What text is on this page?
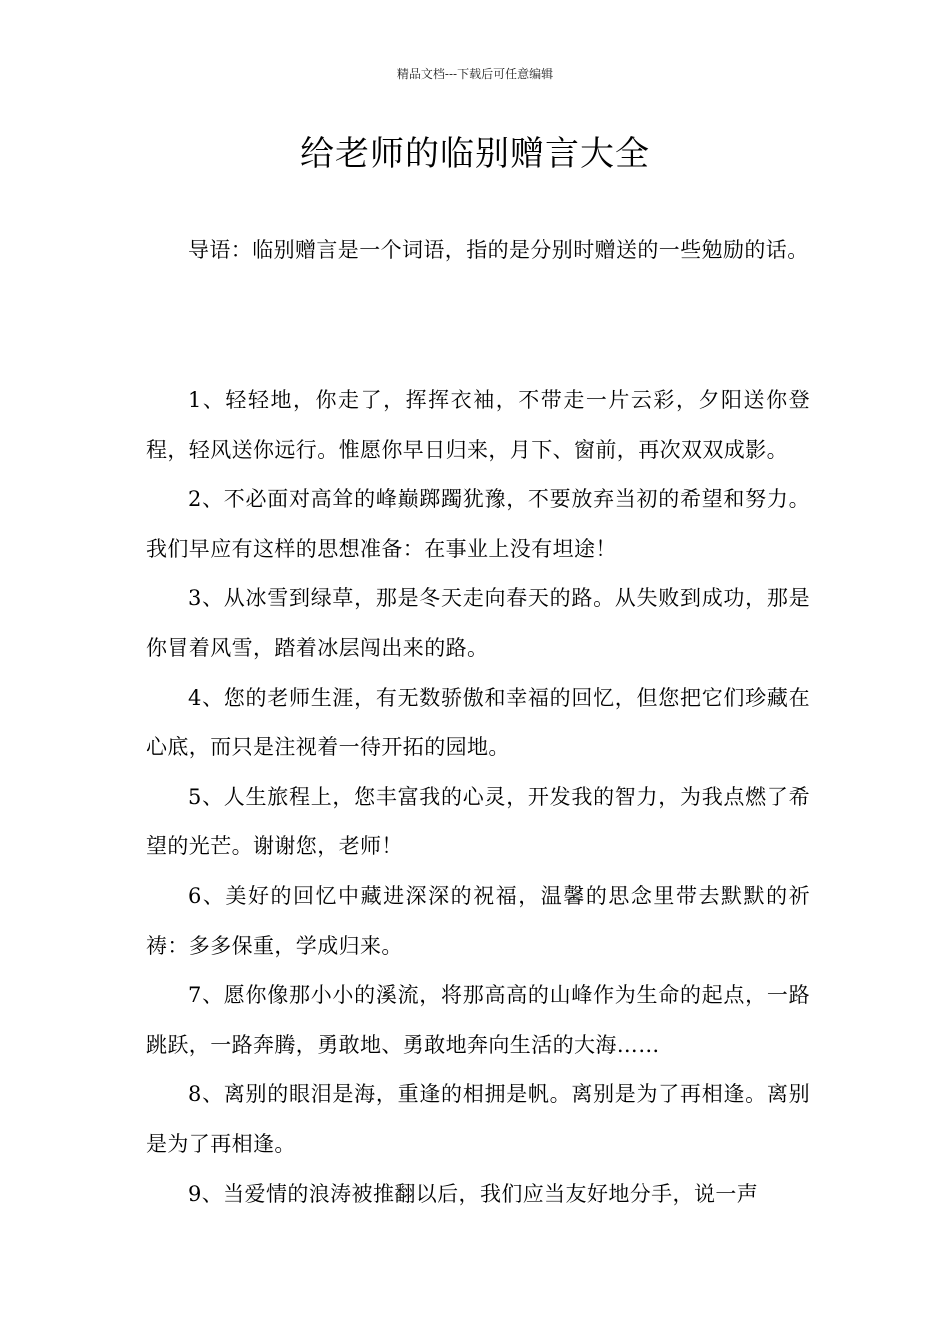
精品文档---下载后可任意编辑
给老师的临别赠言大全

导语：临别赠言是一个词语，指的是分别时赠送的一些勉励的话。

1、轻轻地，你走了，挥挥衣袖，不带走一片云彩，夕阳送你登程，轻风送你远行。惟愿你早日归来，月下、窗前，再次双双成影。
2、不必面对高耸的峰巅踯躅犹豫，不要放弃当初的希望和努力。我们早应有这样的思想准备：在事业上没有坦途！
3、从冰雪到绿草，那是冬天走向春天的路。从失败到成功，那是你冒着风雪，踏着冰层闯出来的路。
4、您的老师生涯，有无数骄傲和幸福的回忆，但您把它们珍藏在心底，而只是注视着一待开拓的园地。
5、人生旅程上，您丰富我的心灵，开发我的智力，为我点燃了希望的光芒。谢谢您，老师！
6、美好的回忆中藏进深深的祝福，温馨的思念里带去默默的祈祷：多多保重，学成归来。
7、愿你像那小小的溪流，将那高高的山峰作为生命的起点，一路跳跃，一路奔腾，勇敢地、勇敢地奔向生活的大海……
8、离别的眼泪是海，重逢的相拥是帆。离别是为了再相逢。离别是为了再相逢。
9、当爱情的浪涛被推翻以后，我们应当友好地分手，说一声
